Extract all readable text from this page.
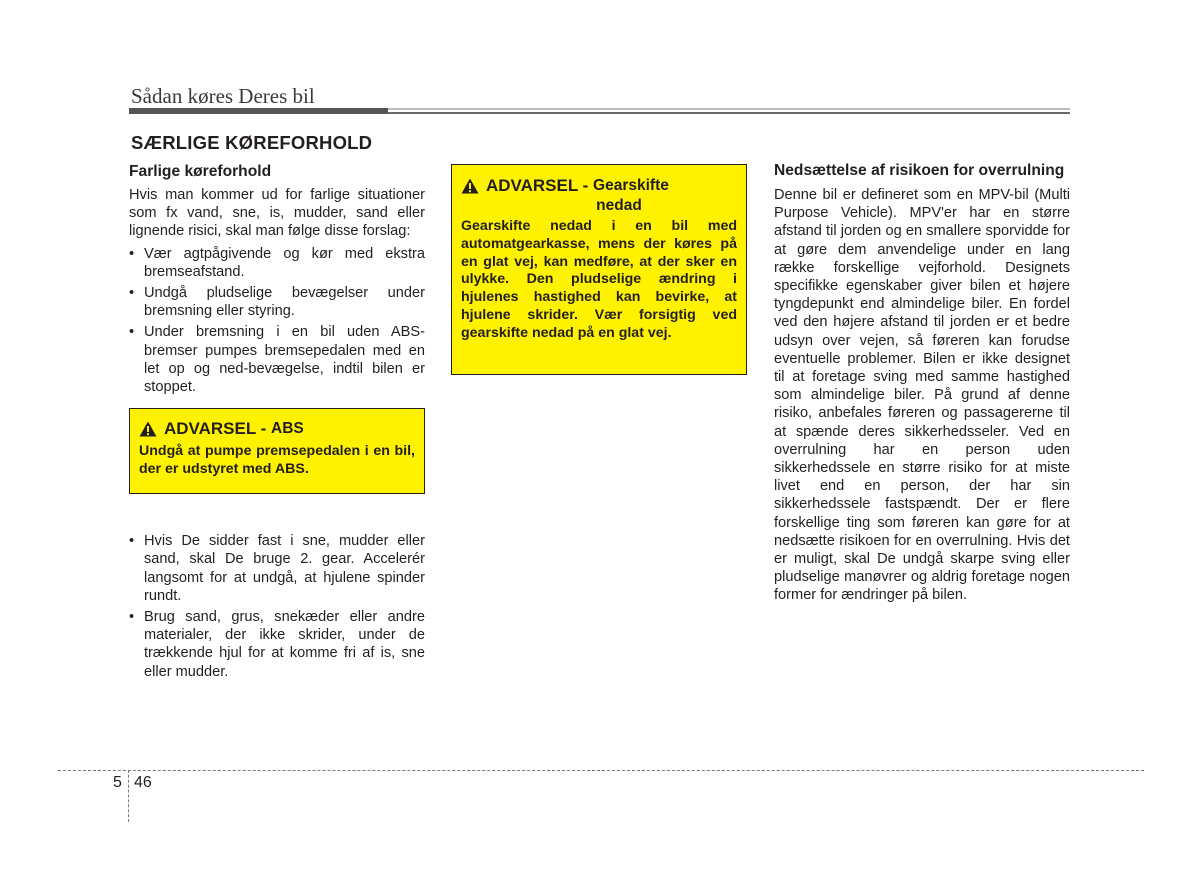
Sådan køres Deres bil
SÆRLIGE KØREFORHOLD
Farlige køreforhold

Hvis man kommer ud for farlige situationer som fx vand, sne, is, mudder, sand eller lignende risici, skal man følge disse forslag:

• Vær agtpågivende og kør med ekstra bremseafstand.
• Undgå pludselige bevægelser under bremsning eller styring.
• Under bremsning i en bil uden ABS-bremser pumpes bremsepedalen med en let op og ned-bevægelse, indtil bilen er stoppet.
ADVARSEL - ABS

Undgå at pumpe premsepedalen i en bil, der er udstyret med ABS.

• Hvis De sidder fast i sne, mudder eller sand, skal De bruge 2. gear. Accelerér langsomt for at undgå, at hjulene spinder rundt.
• Brug sand, grus, snekæder eller andre materialer, der ikke skrider, under de trækkende hjul for at komme fri af is, sne eller mudder.
ADVARSEL - Gearskifte
nedad

Gearskifte nedad i en bil med automatgearkasse, mens der køres på en glat vej, kan medføre, at der sker en ulykke. Den pludselige ændring i hjulenes hastighed kan bevirke, at hjulene skrider. Vær forsigtig ved gearskifte nedad på en glat vej.

Nedsættelse af risikoen for overrulning

Denne bil er defineret som en MPV-bil (Multi Purpose Vehicle). MPV'er har en større afstand til jorden og en smallere sporvidde for at gøre dem anvendelige under en lang række forskellige vejforhold. Designets specifikke egenskaber giver bilen et højere tyngdepunkt end almindelige biler. En fordel ved den højere afstand til jorden er et bedre udsyn over vejen, så føreren kan forudse eventuelle problemer. Bilen er ikke designet til at foretage sving med samme hastighed som almindelige biler. På grund af denne risiko, anbefales føreren og passagererne til at spænde deres sikkerhedsseler. Ved en overrulning har en person uden sikkerhedssele en større risiko for at miste livet end en person, der har sin sikkerhedssele fastspændt. Der er flere forskellige ting som føreren kan gøre for at nedsætte risikoen for en overrulning. Hvis det er muligt, skal De undgå skarpe sving eller pludselige manøvrer og aldrig foretage nogen former for ændringer på bilen.

5 46
